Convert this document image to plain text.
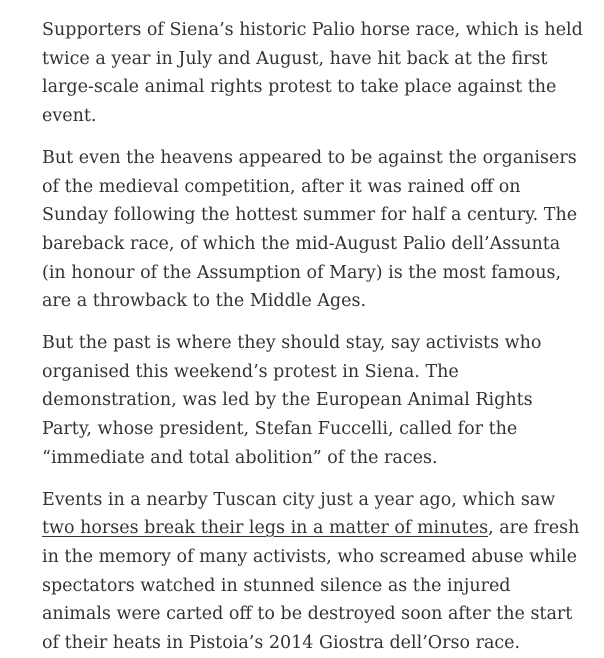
Supporters of Siena’s historic Palio horse race, which is held twice a year in July and August, have hit back at the first large-scale animal rights protest to take place against the event.

But even the heavens appeared to be against the organisers of the medieval competition, after it was rained off on Sunday following the hottest summer for half a century. The bareback race, of which the mid-August Palio dell’Assunta (in honour of the Assumption of Mary) is the most famous, are a throwback to the Middle Ages.

But the past is where they should stay, say activists who organised this weekend’s protest in Siena. The demonstration, was led by the European Animal Rights Party, whose president, Stefan Fuccelli, called for the “immediate and total abolition” of the races.

Events in a nearby Tuscan city just a year ago, which saw two horses break their legs in a matter of minutes, are fresh in the memory of many activists, who screamed abuse while spectators watched in stunned silence as the injured animals were carted off to be destroyed soon after the start of their heats in Pistoia’s 2014 Giostra dell’Orso race.
